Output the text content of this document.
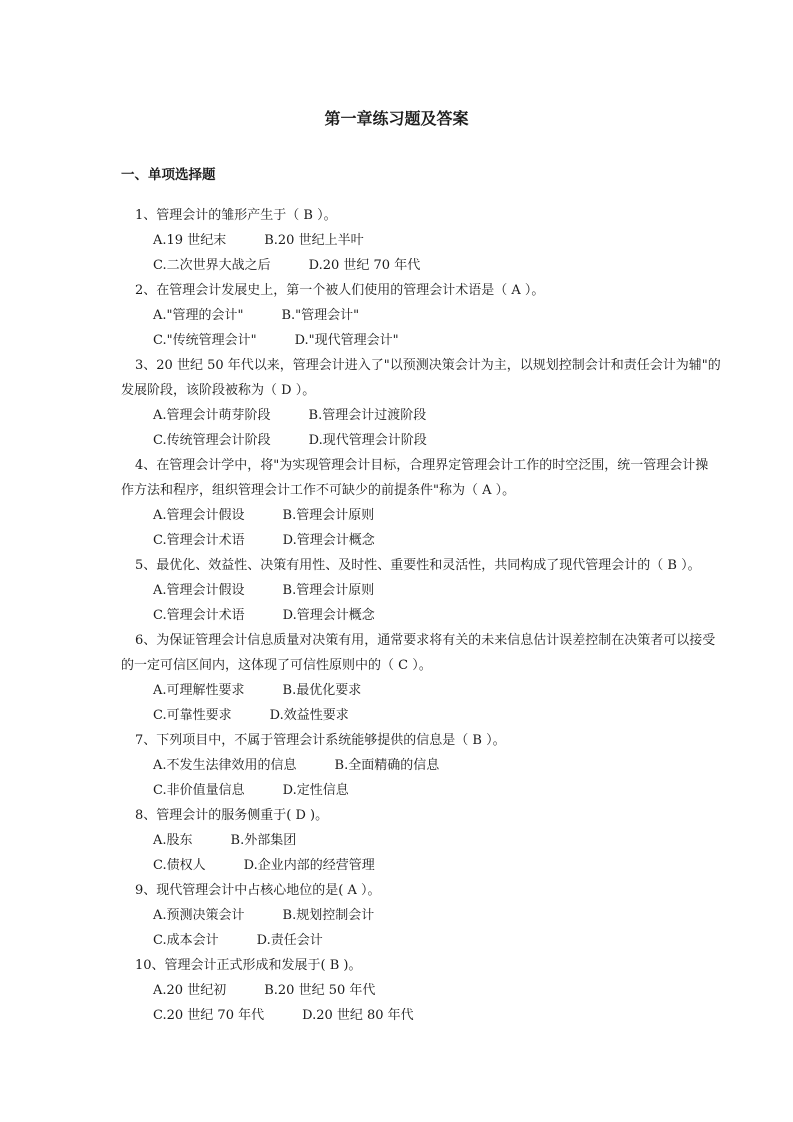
第一章练习题及答案
一、单项选择题
1、管理会计的雏形产生于（ B ）。
A.19 世纪末	B.20 世纪上半叶
C.二次世界大战之后	D.20 世纪 70 年代
2、在管理会计发展史上，第一个被人们使用的管理会计术语是（ A ）。
A."管理的会计"	B."管理会计"
C."传统管理会计"	D."现代管理会计"
3、20 世纪 50 年代以来，管理会计进入了"以预测决策会计为主，以规划控制会计和责任会计为辅"的发展阶段，该阶段被称为（ D ）。
A.管理会计萌芽阶段	B.管理会计过渡阶段
C.传统管理会计阶段	D.现代管理会计阶段
4、在管理会计学中，将"为实现管理会计目标，合理界定管理会计工作的时空泛围，统一管理会计操作方法和程序，组织管理会计工作不可缺少的前提条件"称为（ A ）。
A.管理会计假设	B.管理会计原则
C.管理会计术语	D.管理会计概念
5、最优化、效益性、决策有用性、及时性、重要性和灵活性，共同构成了现代管理会计的（ B ）。
A.管理会计假设	B.管理会计原则
C.管理会计术语	D.管理会计概念
6、为保证管理会计信息质量对决策有用，通常要求将有关的未来信息估计误差控制在决策者可以接受的一定可信区间内，这体现了可信性原则中的（ C ）。
A.可理解性要求	B.最优化要求
C.可靠性要求	D.效益性要求
7、下列项目中，不属于管理会计系统能够提供的信息是（ B ）。
A.不发生法律效用的信息	B.全面精确的信息
C.非价值量信息	D.定性信息
8、管理会计的服务侧重于( D )。
A.股东	B.外部集团
C.债权人	D.企业内部的经营管理
9、现代管理会计中占核心地位的是( A ）。
A.预测决策会计	B.规划控制会计
C.成本会计	D.责任会计
10、管理会计正式形成和发展于( B )。
A.20 世纪初	B.20 世纪 50 年代
C.20 世纪 70 年代	D.20 世纪 80 年代
